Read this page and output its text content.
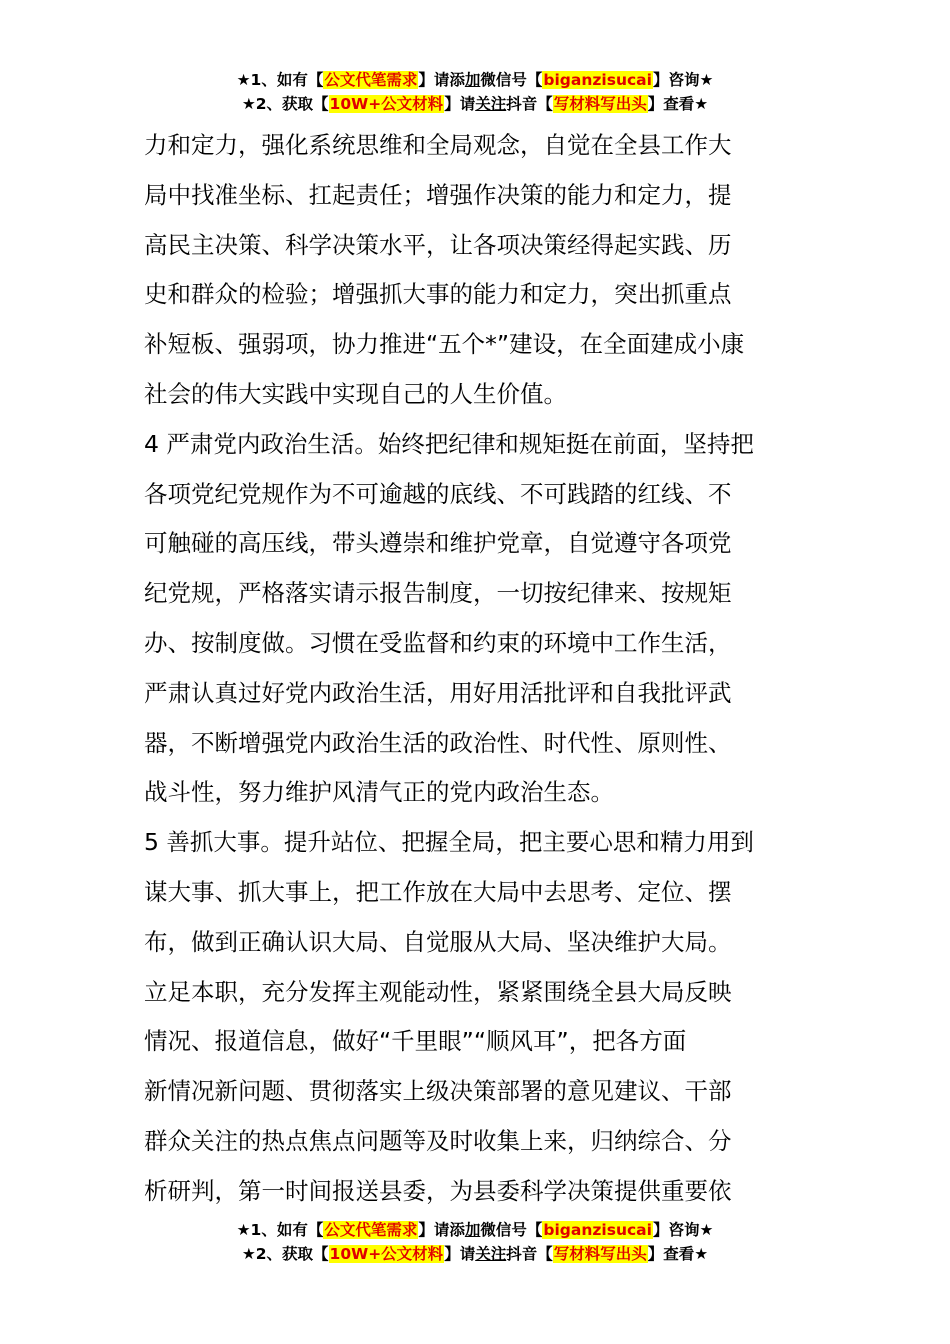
★1、如有【公文代笔需求】请添加微信号【biganzisucai】咨询★
★2、获取【10W+公文材料】请关注抖音【写材料写出头】查看★
力和定力，强化系统思维和全局观念，自觉在全县工作大
局中找准坐标、扛起责任；增强作决策的能力和定力，提
高民主决策、科学决策水平，让各项决策经得起实践、历
史和群众的检验；增强抓大事的能力和定力，突出抓重点
补短板、强弱项，协力推进“五个*”建设，在全面建成小康
社会的伟大实践中实现自己的人生价值。
4 严肃党内政治生活。始终把纪律和规矩挺在前面，坚持把
各项党纪党规作为不可逾越的底线、不可践踏的红线、不
可触碰的高压线，带头遵崇和维护党章，自觉遵守各项党
纪党规，严格落实请示报告制度，一切按纪律来、按规矩
办、按制度做。习惯在受监督和约束的环境中工作生活，
严肃认真过好党内政治生活，用好用活批评和自我批评武
器，不断增强党内政治生活的政治性、时代性、原则性、
战斗性，努力维护风清气正的党内政治生态。
5 善抓大事。提升站位、把握全局，把主要心思和精力用到
谋大事、抓大事上，把工作放在大局中去思考、定位、摆
布，做到正确认识大局、自觉服从大局、坚决维护大局。
立足本职，充分发挥主观能动性，紧紧围绕全县大局反映
情况、报道信息，做好“千里眼”“顺风耳”，把各方面
新情况新问题、贯彻落实上级决策部署的意见建议、干部
群众关注的热点焦点问题等及时收集上来，归纳综合、分
析研判，第一时间报送县委，为县委科学决策提供重要依
★1、如有【公文代笔需求】请添加微信号【biganzisucai】咨询★
★2、获取【10W+公文材料】请关注抖音【写材料写出头】查看★
